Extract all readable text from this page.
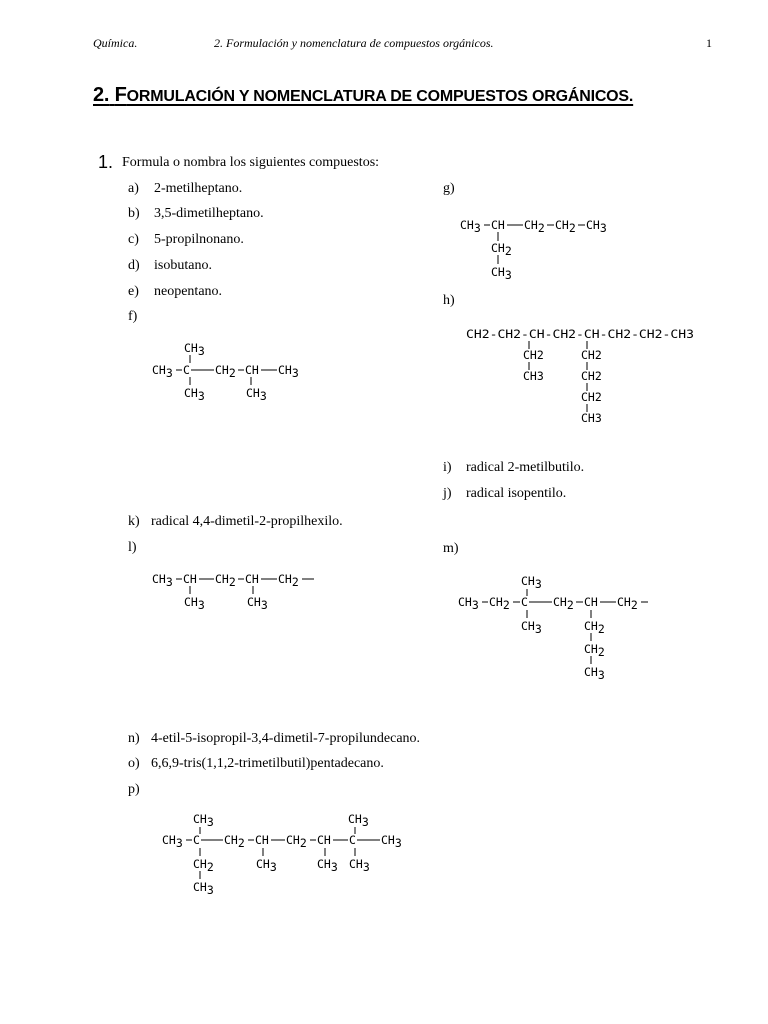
Química.	2. Formulación y nomenclatura de compuestos orgánicos.	1
2. FORMULACIÓN Y NOMENCLATURA DE COMPUESTOS ORGÁNICOS.
1. Formula o nombra los siguientes compuestos:
a) 2-metilheptano.
b) 3,5-dimetilheptano.
c) 5-propilnonano.
d) isobutano.
e) neopentano.
f)
g)
h)
i) radical 2-metilbutilo.
j) radical isopentilo.
k) radical 4,4-dimetil-2-propilhexilo.
l)	m)
n) 4-etil-5-isopropil-3,4-dimetil-7-propilundecano.
o) 6,6,9-tris(1,1,2-trimetilbutil)pentadecano.
p)
CH3
CH3 C CH2 CH CH3
CH3	CH3
CH3 CH CH2 CH2 CH3
CH2
CH3
CH 2-CH 2-CH-CH 2-CH-CH 2-CH 2-CH 3
CH2
CH3
CH2
CH2
CH2
CH3
CH3 CH CH2 CH CH2
CH3	CH3
CH3
CH3 CH2 C CH2 CH CH2
CH3	CH2
CH2
CH3
CH3	CH3
CH3 C CH2 CH CH2 CH C CH3
CH2
CH3
CH3	CH3 CH3
